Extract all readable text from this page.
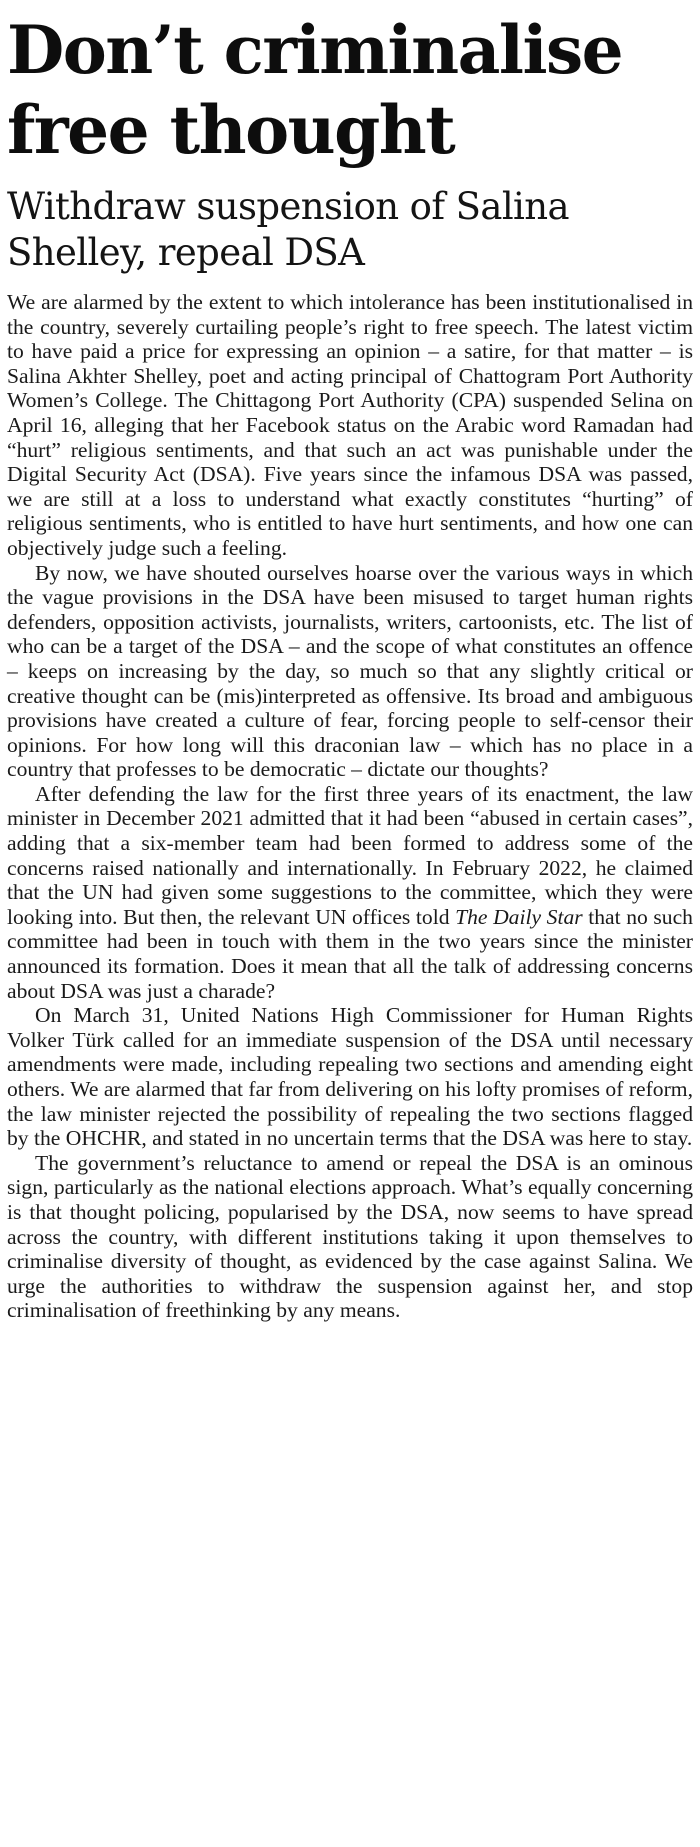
Don’t criminalise
free thought
Withdraw suspension of Salina
Shelley, repeal DSA

We are alarmed by the extent to which intolerance has been institutionalised in the country, severely curtailing people’s right to free speech. The latest victim to have paid a price for expressing an opinion – a satire, for that matter – is Salina Akhter Shelley, poet and acting principal of Chattogram Port Authority Women’s College. The Chittagong Port Authority (CPA) suspended Selina on April 16, alleging that her Facebook status on the Arabic word Ramadan had “hurt” religious sentiments, and that such an act was punishable under the Digital Security Act (DSA). Five years since the infamous DSA was passed, we are still at a loss to understand what exactly constitutes “hurting” of religious sentiments, who is entitled to have hurt sentiments, and how one can objectively judge such a feeling.

By now, we have shouted ourselves hoarse over the various ways in which the vague provisions in the DSA have been misused to target human rights defenders, opposition activists, journalists, writers, cartoonists, etc. The list of who can be a target of the DSA – and the scope of what constitutes an offence – keeps on increasing by the day, so much so that any slightly critical or creative thought can be (mis)interpreted as offensive. Its broad and ambiguous provisions have created a culture of fear, forcing people to self-censor their opinions. For how long will this draconian law – which has no place in a country that professes to be democratic – dictate our thoughts?

After defending the law for the first three years of its enactment, the law minister in December 2021 admitted that it had been “abused in certain cases”, adding that a six-member team had been formed to address some of the concerns raised nationally and internationally. In February 2022, he claimed that the UN had given some suggestions to the committee, which they were looking into. But then, the relevant UN offices told The Daily Star that no such committee had been in touch with them in the two years since the minister announced its formation. Does it mean that all the talk of addressing concerns about DSA was just a charade?

On March 31, United Nations High Commissioner for Human Rights Volker Türk called for an immediate suspension of the DSA until necessary amendments were made, including repealing two sections and amending eight others. We are alarmed that far from delivering on his lofty promises of reform, the law minister rejected the possibility of repealing the two sections flagged by the OHCHR, and stated in no uncertain terms that the DSA was here to stay.

The government’s reluctance to amend or repeal the DSA is an ominous sign, particularly as the national elections approach. What’s equally concerning is that thought policing, popularised by the DSA, now seems to have spread across the country, with different institutions taking it upon themselves to criminalise diversity of thought, as evidenced by the case against Salina. We urge the authorities to withdraw the suspension against her, and stop criminalisation of freethinking by any means.
